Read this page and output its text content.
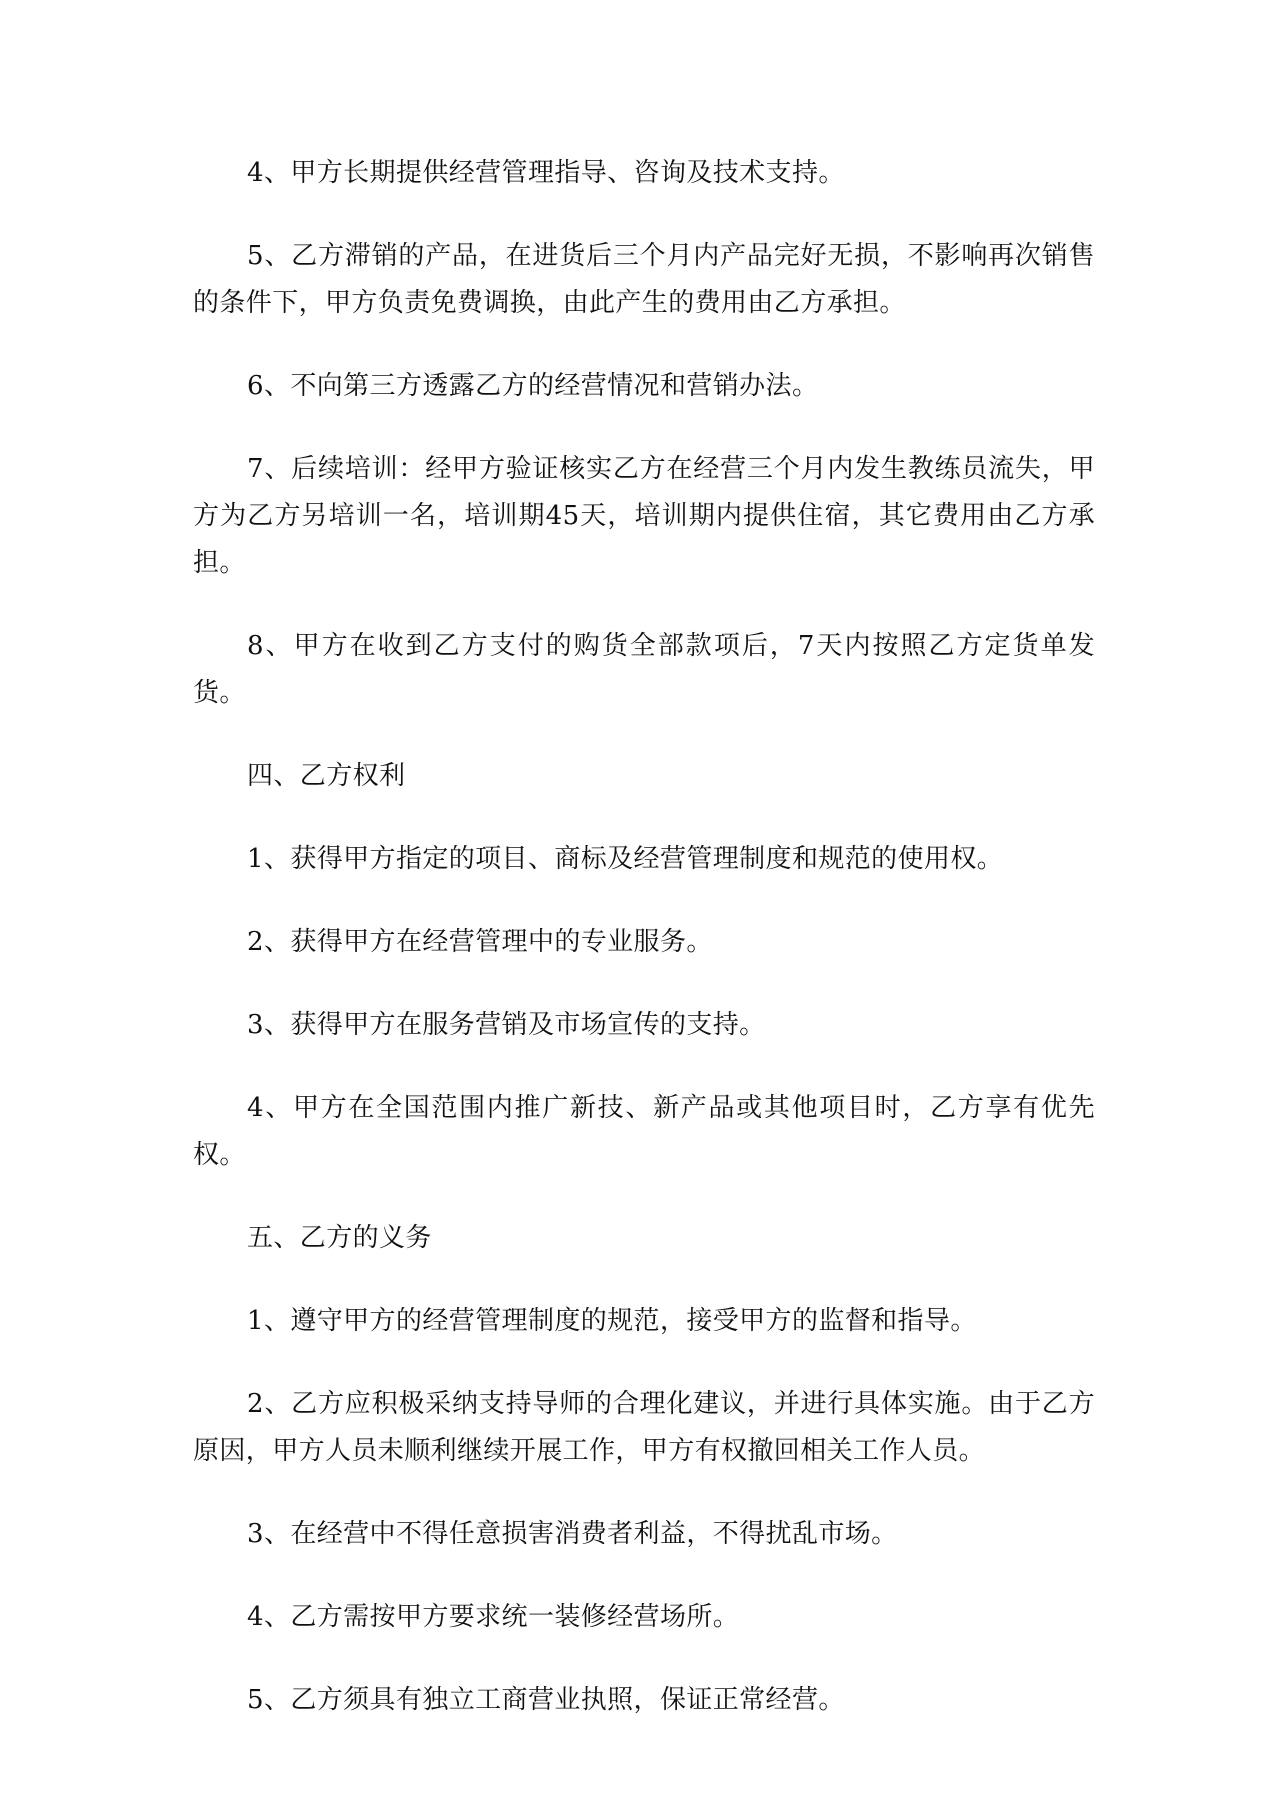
4、甲方长期提供经营管理指导、咨询及技术支持。

5、乙方滞销的产品，在进货后三个月内产品完好无损，不影响再次销售的条件下，甲方负责免费调换，由此产生的费用由乙方承担。

6、不向第三方透露乙方的经营情况和营销办法。

7、后续培训：经甲方验证核实乙方在经营三个月内发生教练员流失，甲方为乙方另培训一名，培训期45天，培训期内提供住宿，其它费用由乙方承担。

8、甲方在收到乙方支付的购货全部款项后，7天内按照乙方定货单发货。

四、乙方权利

1、获得甲方指定的项目、商标及经营管理制度和规范的使用权。

2、获得甲方在经营管理中的专业服务。

3、获得甲方在服务营销及市场宣传的支持。

4、甲方在全国范围内推广新技、新产品或其他项目时，乙方享有优先权。

五、乙方的义务

1、遵守甲方的经营管理制度的规范，接受甲方的监督和指导。

2、乙方应积极采纳支持导师的合理化建议，并进行具体实施。由于乙方原因，甲方人员未顺利继续开展工作，甲方有权撤回相关工作人员。

3、在经营中不得任意损害消费者利益，不得扰乱市场。

4、乙方需按甲方要求统一装修经营场所。

5、乙方须具有独立工商营业执照，保证正常经营。
